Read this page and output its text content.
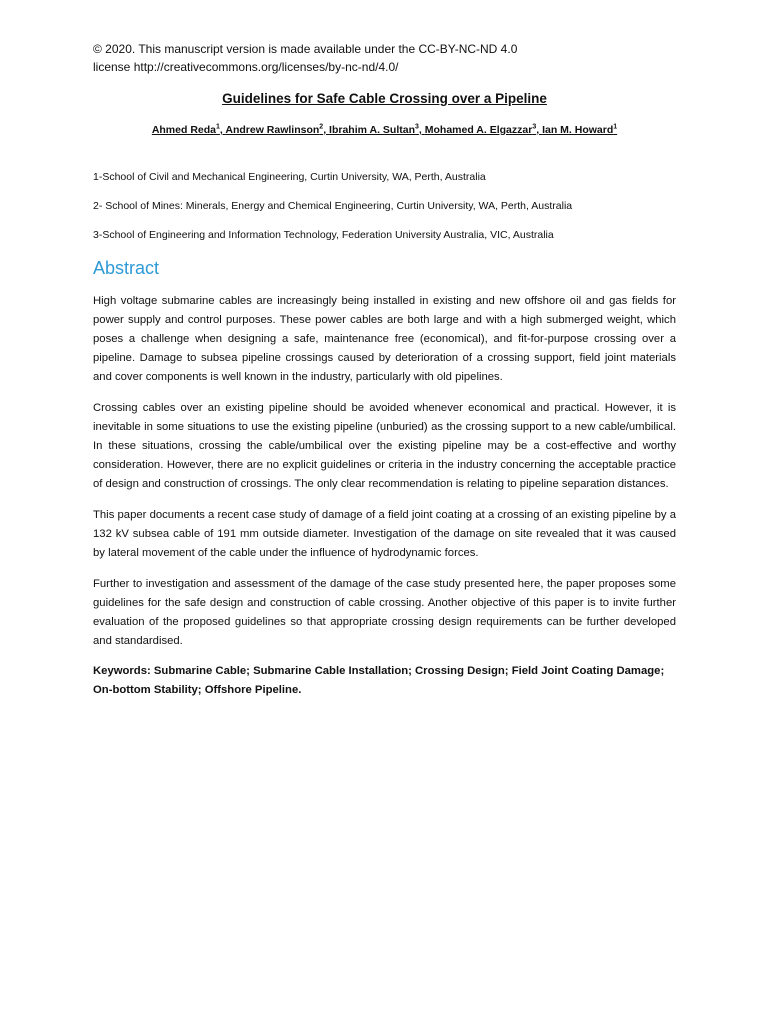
© 2020. This manuscript version is made available under the CC-BY-NC-ND 4.0
license http://creativecommons.org/licenses/by-nc-nd/4.0/

Guidelines for Safe Cable Crossing over a Pipeline

Ahmed Reda$^1$, Andrew Rawlinson$^2$, Ibrahim A. Sultan$^3$, Mohamed A. Elgazzar$^3$, Ian M. Howard$^1$

1-School of Civil and Mechanical Engineering, Curtin University, WA, Perth, Australia

2- School of Mines: Minerals, Energy and Chemical Engineering, Curtin University, WA, Perth, Australia

3-School of Engineering and Information Technology, Federation University Australia, VIC, Australia

Abstract

High voltage submarine cables are increasingly being installed in existing and new offshore oil and gas fields for power supply and control purposes. These power cables are both large and with a high submerged weight, which poses a challenge when designing a safe, maintenance free (economical), and fit-for-purpose crossing over a pipeline. Damage to subsea pipeline crossings caused by deterioration of a crossing support, field joint materials and cover components is well known in the industry, particularly with old pipelines.

Crossing cables over an existing pipeline should be avoided whenever economical and practical. However, it is inevitable in some situations to use the existing pipeline (unburied) as the crossing support to a new cable/umbilical. In these situations, crossing the cable/umbilical over the existing pipeline may be a cost-effective and worthy consideration. However, there are no explicit guidelines or criteria in the industry concerning the acceptable practice of design and construction of crossings. The only clear recommendation is relating to pipeline separation distances.

This paper documents a recent case study of damage of a field joint coating at a crossing of an existing pipeline by a 132 kV subsea cable of 191 mm outside diameter. Investigation of the damage on site revealed that it was caused by lateral movement of the cable under the influence of hydrodynamic forces.

Further to investigation and assessment of the damage of the case study presented here, the paper proposes some guidelines for the safe design and construction of cable crossing. Another objective of this paper is to invite further evaluation of the proposed guidelines so that appropriate crossing design requirements can be further developed and standardised.

Keywords: Submarine Cable; Submarine Cable Installation; Crossing Design; Field Joint Coating Damage; On-bottom Stability; Offshore Pipeline.
